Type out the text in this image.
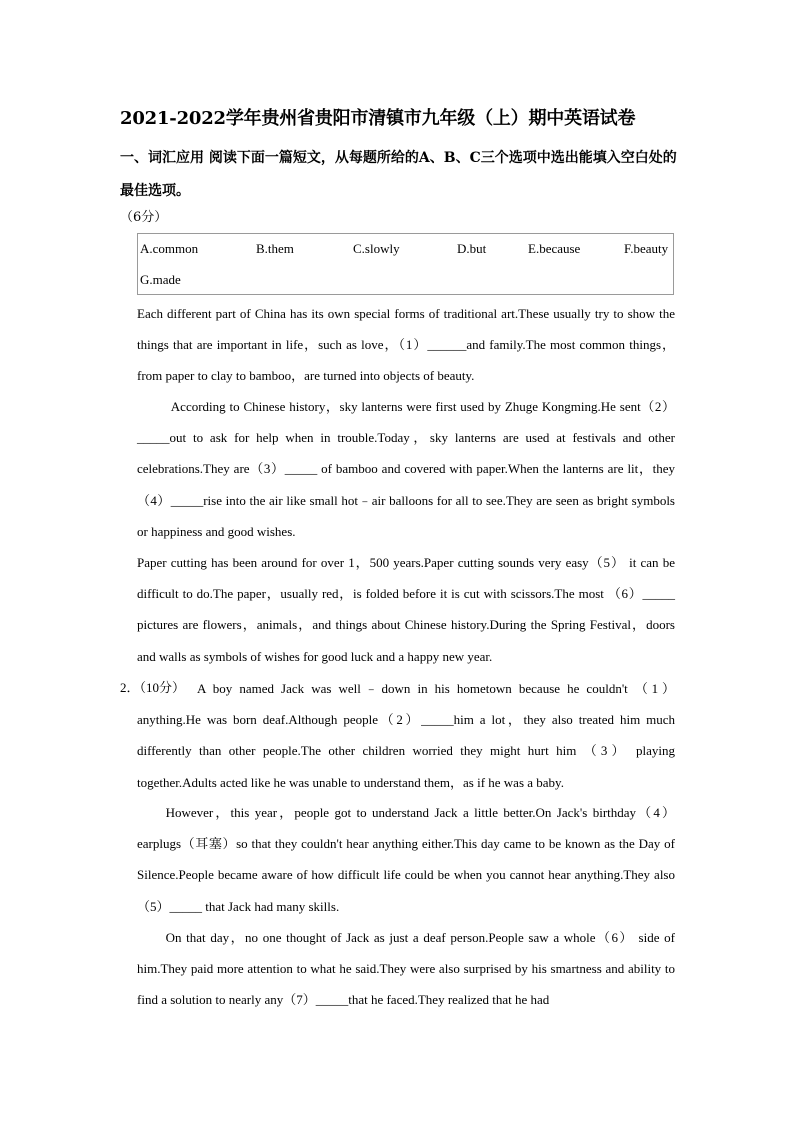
2021-2022学年贵州省贵阳市清镇市九年级（上）期中英语试卷
一、词汇应用 阅读下面一篇短文，从每题所给的A、B、C三个选项中选出能填入空白处的最佳选项。
（6分）
A.common	B.them	C.slowly	D.but	E.because	F.beauty
G.made
Each different part of China has its own special forms of traditional art.These usually try to show the things that are important in life，such as love，（1）______and family.The most common things，from paper to clay to bamboo，are turned into objects of beauty.
According to Chinese history，sky lanterns were first used by Zhuge Kongming.He sent（2）_____out to ask for help when in trouble.Today，sky lanterns are used at festivals and other celebrations.They are（3）_____ of bamboo and covered with paper.When the lanterns are lit，they （4）_____rise into the air like small hot﹣air balloons for all to see.They are seen as bright symbols or happiness and good wishes.
Paper cutting has been around for over 1，500 years.Paper cutting sounds very easy（5） it can be difficult to do.The paper，usually red，is folded before it is cut with scissors.The most （6）_____ pictures are flowers，animals，and things about Chinese history.During the Spring Festival，doors and walls as symbols of wishes for good luck and a happy new year.
2．（10分） A boy named Jack was well﹣down in his hometown because he couldn't （1） anything.He was born deaf.Although people（2）_____him a lot，they also treated him much differently than other people.The other children worried they might hurt him （3） playing together.Adults acted like he was unable to understand them，as if he was a baby.
However，this year，people got to understand Jack a little better.On Jack's birthday（4） earplugs（耳塞）so that they couldn't hear anything either.This day came to be known as the Day of Silence.People became aware of how difficult life could be when you cannot hear anything.They also （5）_____ that Jack had many skills.
On that day，no one thought of Jack as just a deaf person.People saw a whole（6） side of him.They paid more attention to what he said.They were also surprised by his smartness and ability to find a solution to nearly any（7）_____that he faced.They realized that he had
